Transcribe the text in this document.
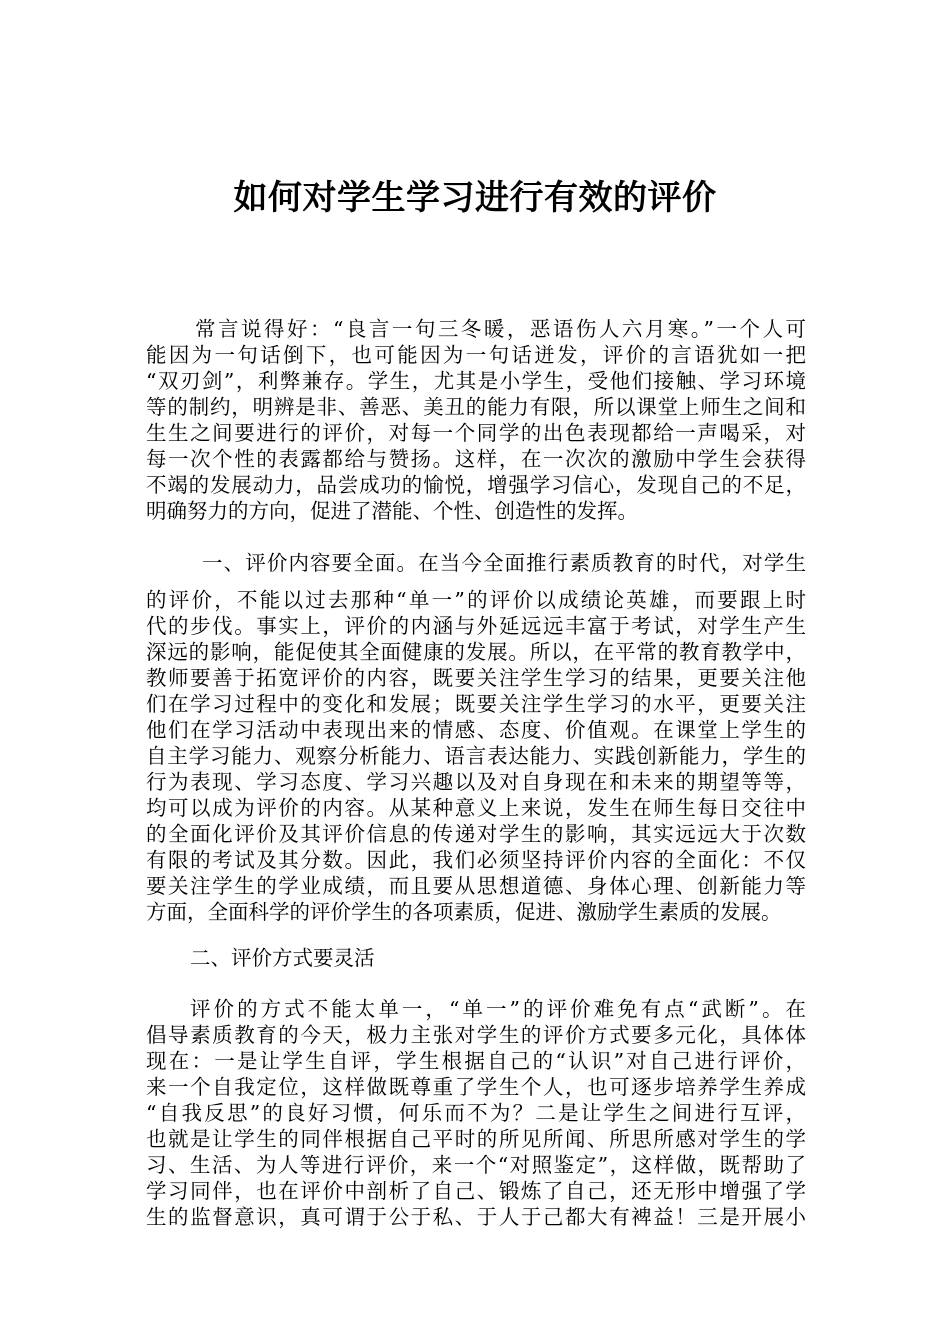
如何对学生学习进行有效的评价
常言说得好：“良言一句三冬暖，恶语伤人六月寒。”一个人可
能因为一句话倒下，也可能因为一句话迸发，评价的言语犹如一把
“双刃剑”，利弊兼存。学生，尤其是小学生，受他们接触、学习环境
等的制约，明辨是非、善恶、美丑的能力有限，所以课堂上师生之间和
生生之间要进行的评价，对每一个同学的出色表现都给一声喝采，对
每一次个性的表露都给与赞扬。这样，在一次次的激励中学生会获得
不竭的发展动力，品尝成功的愉悦，增强学习信心，发现自己的不足，
明确努力的方向，促进了潜能、个性、创造性的发挥。
一、评价内容要全面。在当今全面推行素质教育的时代，对学生
的评价，不能以过去那种“单一”的评价以成绩论英雄，而要跟上时
代的步伐。事实上，评价的内涵与外延远远丰富于考试，对学生产生
深远的影响，能促使其全面健康的发展。所以，在平常的教育教学中，
教师要善于拓宽评价的内容，既要关注学生学习的结果，更要关注他
们在学习过程中的变化和发展；既要关注学生学习的水平，更要关注
他们在学习活动中表现出来的情感、态度、价值观。在课堂上学生的
自主学习能力、观察分析能力、语言表达能力、实践创新能力，学生的
行为表现、学习态度、学习兴趣以及对自身现在和未来的期望等等，
均可以成为评价的内容。从某种意义上来说，发生在师生每日交往中
的全面化评价及其评价信息的传递对学生的影响，其实远远大于次数
有限的考试及其分数。因此，我们必须坚持评价内容的全面化：不仅
要关注学生的学业成绩，而且要从思想道德、身体心理、创新能力等
方面，全面科学的评价学生的各项素质，促进、激励学生素质的发展。
二、评价方式要灵活
评价的方式不能太单一，“单一”的评价难免有点“武断”。在
倡导素质教育的今天，极力主张对学生的评价方式要多元化，具体体
现在：一是让学生自评，学生根据自己的“认识”对自己进行评价，
来一个自我定位，这样做既尊重了学生个人，也可逐步培养学生养成
“自我反思”的良好习惯，何乐而不为？二是让学生之间进行互评，
也就是让学生的同伴根据自己平时的所见所闻、所思所感对学生的学
习、生活、为人等进行评价，来一个“对照鉴定”，这样做，既帮助了
学习同伴，也在评价中剖析了自己、锻炼了自己，还无形中增强了学
生的监督意识，真可谓于公于私、于人于己都大有裨益！三是开展小
